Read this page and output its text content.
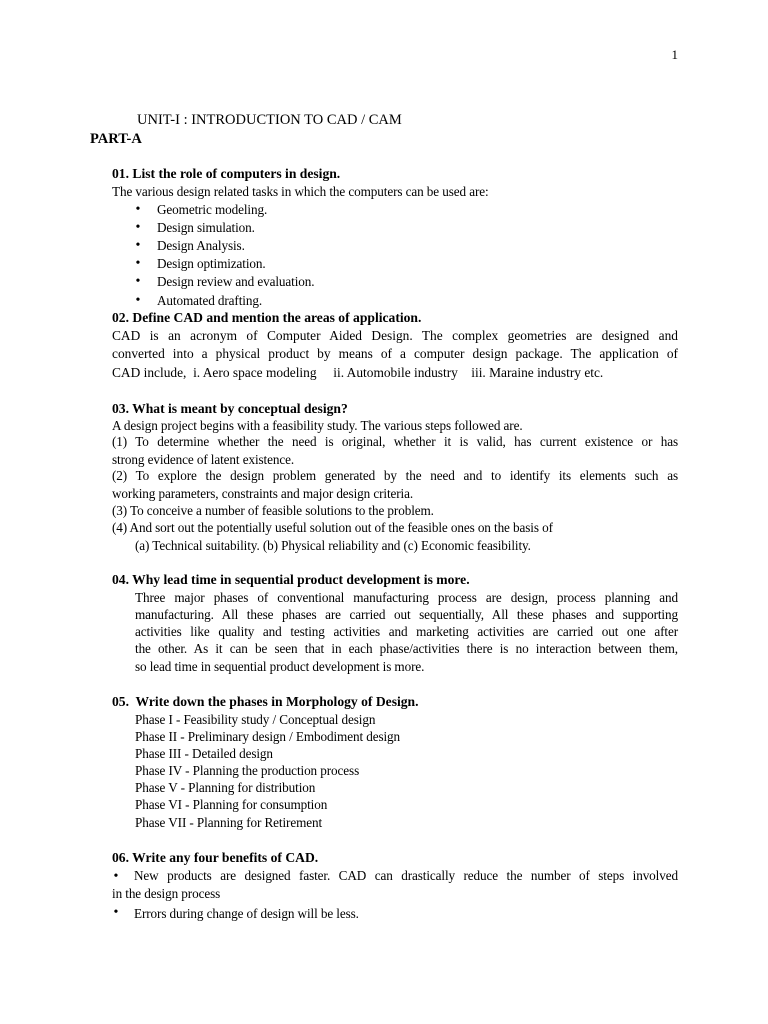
1
UNIT-I : INTRODUCTION TO CAD / CAM
PART-A
01. List the role of computers in design.
The various design related tasks in which the computers can be used are:
•
Geometric modeling.
•
Design simulation.
•
Design Analysis.
•
Design optimization.
•
Design review and evaluation.
•
Automated drafting.
02. Define CAD and mention the areas of application.
CAD is an acronym of Computer Aided Design. The complex geometries are designed and
converted into a physical product by means of a computer design package. The application of
CAD include,  i. Aero space modeling     ii. Automobile industry    iii. Maraine industry etc.
03. What is meant by conceptual design?
A design project begins with a feasibility study. The various steps followed are.
(1) To determine whether the need is original, whether it is valid, has current existence or has
strong evidence of latent existence.
(2) To explore the design problem generated by the need and to identify its elements such as
working parameters, constraints and major design criteria.
(3) To conceive a number of feasible solutions to the problem.
(4) And sort out the potentially useful solution out of the feasible ones on the basis of
(a) Technical suitability. (b) Physical reliability and (c) Economic feasibility.
04. Why lead time in sequential product development is more.
Three major phases of conventional manufacturing process are design, process planning and
manufacturing. All these phases are carried out sequentially, All these phases and supporting
activities like quality and testing activities and marketing activities are carried out one after
the other. As it can be seen that in each phase/activities there is no interaction between them,
so lead time in sequential product development is more.
05.  Write down the phases in Morphology of Design.
Phase I - Feasibility study / Conceptual design
Phase II - Preliminary design / Embodiment design
Phase III - Detailed design
Phase IV - Planning the production process
Phase V - Planning for distribution
Phase VI - Planning for consumption
Phase VII - Planning for Retirement
06. Write any four benefits of CAD.
•
New products are designed faster. CAD can drastically reduce the number of steps involved
in the design process
•
Errors during change of design will be less.
